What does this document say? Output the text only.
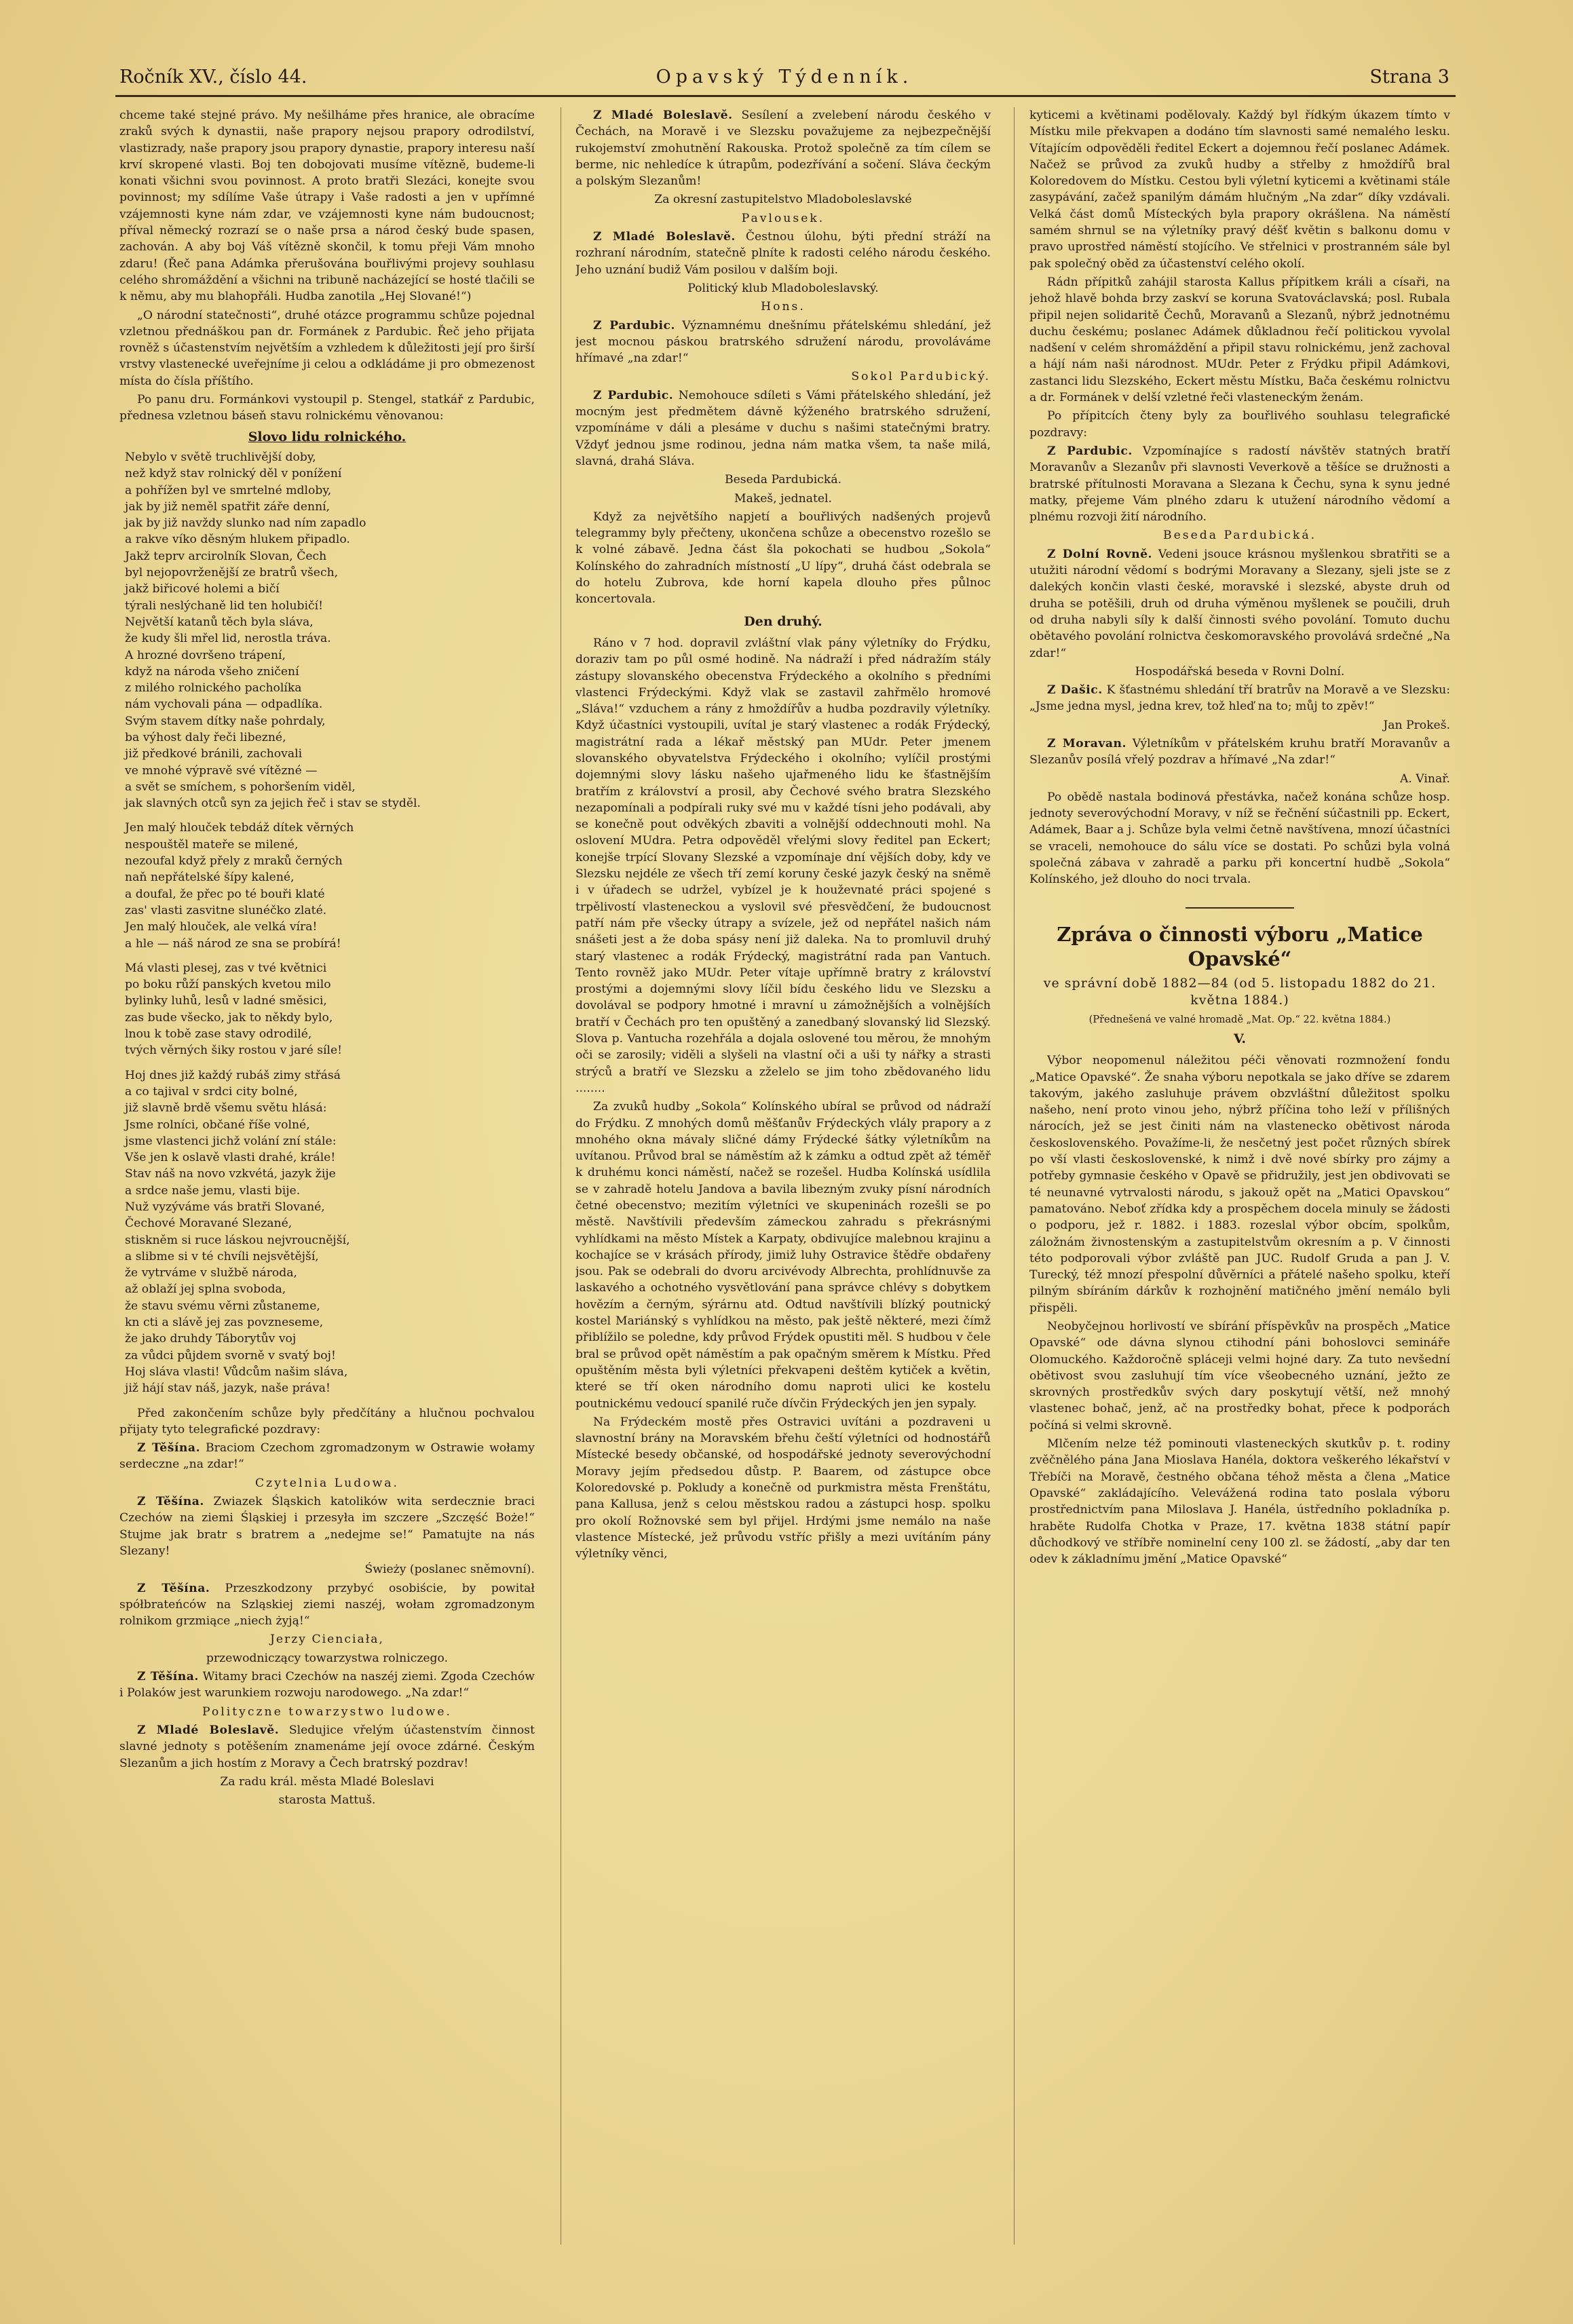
Ročník XV., číslo 44.	Opavský Týdenník.	Strana 3

chceme také stejné právo. My nešilháme přes hranice, ale obracíme zraků svých k dynastii, naše prapory nejsou prapory odrodilství, vlastizrady, naše prapory jsou prapory dynastie, prapory interesu naší krví skropené vlasti. Boj ten dobojovati musíme vítězně, budeme-li konati všichni svou povinnost. A proto bratři Slezáci, konejte svou povinnost; my sdílíme Vaše útrapy i Vaše radosti a jen v upřímné vzájemnosti kyne nám zdar, ve vzájemnosti kyne nám budoucnost; příval německý rozrazí se o naše prsa a národ český bude spasen, zachován. A aby boj Váš vítězně skončil, k tomu přeji Vám mnoho zdaru! (Řeč pana Adámka přerušována bouřlivými projevy souhlasu celého shromáždění a všichni na tribuně nacházející se hosté tlačili se k němu, aby mu blahopřáli. Hudba zanotila „Hej Slované!“)

„O národní statečnosti“, druhé otázce programmu schůze pojednal vzletnou přednáškou pan dr. Formánek z Pardubic. Řeč jeho přijata rovněž s účastenstvím největším a vzhledem k důležitosti její pro širší vrstvy vlastenecké uveřejníme ji celou a odkládáme ji pro obmezenost místa do čísla příštího.

Po panu dru. Formánkovi vystoupil p. Stengel, statkář z Pardubic, přednesa vzletnou báseň stavu rolnickému věnovanou:

Slovo lidu rolnického.
Nebylo v světě truchlivější doby,
než když stav rolnický děl v ponížení
a pohřížen byl ve smrtelné mdloby,
jak by již neměl spatřit záře denní,
jak by již navždy slunko nad ním zapadlo
a rakve víko děsným hlukem připadlo.
Jakž teprv arcirolník Slovan, Čech
byl nejopovrženější ze bratrů všech,
jakž biřicové holemi a bičí
týrali neslýchaně lid ten holubičí!
Největší katanů těch byla sláva,
že kudy šli mřel lid, nerostla tráva.
A hrozné dovršeno trápení,
když na národa všeho zničení
z milého rolnického pacholíka
nám vychovali pána — odpadlíka.
Svým stavem dítky naše pohrdaly,
ba výhost daly řeči libezné,
již předkové bránili, zachovali
ve mnohé výpravě své vítězné —
a svět se smíchem, s pohoršením viděl,
jak slavných otců syn za jejich řeč i stav se styděl.
Jen malý hlouček tebdáž dítek věrných
nespouštěl mateře se milené,
nezoufal když přely z mraků černých
naň nepřátelské šípy kalené,
a doufal, že přec po té bouři klaté
zas' vlasti zasvitne slunéčko zlaté.
Jen malý hlouček, ale velká víra!
a hle — náš národ ze sna se probírá!
Má vlasti plesej, zas v tvé květnici
po boku růží panských kvetou milo
bylinky luhů, lesů v ladné směsici,
zas bude všecko, jak to někdy bylo,
lnou k tobě zase stavy odrodilé,
tvých věrných šiky rostou v jaré síle!
Hoj dnes již každý rubáš zimy střásá
a co tajival v srdci city bolné,
již slavně brdě všemu světu hlásá:
Jsme rolníci, občané říše volné,
jsme vlastenci jichž volání zní stále:
Vše jen k oslavě vlasti drahé, krále!
Stav náš na novo vzkvétá, jazyk žije
a srdce naše jemu, vlasti bije.
Nuž vyzýváme vás bratři Slované,
Čechové Moravané Slezané,
stiskněm si ruce láskou nejvroucnější,
a slibme si v té chvíli nejsvětější,
že vytrváme v službě národa,
až oblaží jej splna svoboda,
že stavu svému věrni zůstaneme,
kn cti a slávě jej zas povzneseme,
že jako druhdy Táborytův voj
za vůdci půjdem svorně v svatý boj!
Hoj sláva vlasti! Vůdcům našim sláva,
již hájí stav náš, jazyk, naše práva!

Před zakončením schůze byly předčítány a hlučnou pochvalou přijaty tyto telegrafické pozdravy:

Z Těšína. Braciom Czechom zgromadzonym w Ostrawie wołamy serdeczne „na zdar!“

Czytelnia Ludowa.

Z Těšína. Zwiazek Śląskich katolików wita serdecznie braci Czechów na ziemi Śląskiej i przesyła im szczere „Szczęść Boże!“ Stujme jak bratr s bratrem a „nedejme se!“ Pamatujte na nás Slezany!

Świeży (poslanec sněmovní).

Z Těšína. Przeszkodzony przybyć osobiście, by powitał spółbrateńców na Szląskiej ziemi naszéj, wołam zgromadzonym rolnikom grzmiące „niech żyją!“

Jerzy Cienciała,
przewodniczący towarzystwa rolniczego.

Z Těšína. Witamy braci Czechów na naszéj ziemi. Zgoda Czechów i Polaków jest warunkiem rozwoju narodowego. „Na zdar!“

Polityczne towarzystwo ludowe.

Z Mladé Boleslavě. Sledujice vřelým účastenstvím činnost slavné jednoty s potěšením znamenáme její ovoce zdárné. Českým Slezanům a jich hostím z Moravy a Čech bratrský pozdrav!

Za radu král. města Mladé Boleslavi
starosta Mattuš.

Z Mladé Boleslavě. Sesílení a zvelebení národu českého v Čechách, na Moravě i ve Slezsku považujeme za nejbezpečnější rukojemství zmohutnění Rakouska. Protož společně za tím cílem se berme, nic nehledíce k útrapům, podezřívání a sočení. Sláva čeckým a polským Slezanům!

Za okresní zastupitelstvo Mladoboleslavské
Pavlousek.

Z Mladé Boleslavě. Čestnou úlohu, býti přední stráží na rozhraní národním, statečně plníte k radosti celého národu českého. Jeho uznání budiž Vám posilou v dalším boji.

Politický klub Mladoboleslavský.
Hons.

Z Pardubic. Významnému dnešnímu přátelskému shledání, jež jest mocnou páskou bratrského sdružení národu, provoláváme hřímavé „na zdar!“

Sokol Pardubický.

Z Pardubic. Nemohouce sdíleti s Vámi přátelského shledání, jež mocným jest předmětem dávně kýženého bratrského sdružení, vzpomínáme v dáli a plesáme v duchu s našimi statečnými bratry. Vždyť jednou jsme rodinou, jedna nám matka všem, ta naše milá, slavná, drahá Sláva.

Beseda Pardubická.
Makeš, jednatel.

Když za největšího napjetí a bouřlivých nadšených projevů telegrammy byly přečteny, ukončena schůze a obecenstvo rozešlo se k volné zábavě. Jedna část šla pokochati se hudbou „Sokola“ Kolínského do zahradních místností „U lípy“, druhá část odebrala se do hotelu Zubrova, kde horní kapela dlouho přes půlnoc koncertovala.

Den druhý.

Ráno v 7 hod. dopravil zvláštní vlak pány výletníky do Frýdku, doraziv tam po půl osmé hodině. Na nádraží i před nádražím stály zástupy slovanského obecenstva Frýdeckého a okolního s předními vlastenci Frýdeckými. Když vlak se zastavil zahřmělo hromové „Sláva!“ vzduchem a rány z hmoždířův a hudba pozdravily výletníky. Když účastníci vystoupili, uvítal je starý vlastenec a rodák Frýdecký, magistrátní rada a lékař městský pan MUdr. Peter jmenem slovanského obyvatelstva Frýdeckého i okolního; vylíčil prostými dojemnými slovy lásku našeho ujařmeného lidu ke šťastnějším bratřím z království a prosil, aby Čechové svého bratra Slezského nezapomínali a podpírali ruky své mu v každé tísni jeho podávali, aby se konečně pout odvěkých zbaviti a volnější oddechnouti mohl. Na oslovení MUdra. Petra odpověděl vřelými slovy ředitel pan Eckert; konejše trpící Slovany Slezské a vzpomínaje dní vějších doby, kdy ve Slezsku nejdéle ze všech tří zemí koruny české jazyk český na sněmě i v úřadech se udržel, vybízel je k houževnaté práci spojené s trpělivostí vlasteneckou a vyslovil své přesvědčení, že budoucnost patří nám pře všecky útrapy a svízele, jež od nepřátel našich nám snášeti jest a že doba spásy není již daleka. Na to promluvil druhý starý vlastenec a rodák Frýdecký, magistrátní rada pan Vantuch. Tento rovněž jako MUdr. Peter vítaje upřímně bratry z království prostými a dojemnými slovy líčil bídu českého lidu ve Slezsku a dovolával se podpory hmotné i mravní u zámožnějších a volnějších bratří v Čechách pro ten opuštěný a zanedbaný slovanský lid Slezský. Slova p. Vantucha rozehřála a dojala oslovené tou měrou, že mnohým oči se zarosily; viděli a slyšeli na vlastní oči a uši ty nářky a strasti strýců a bratří ve Slezsku a zželelo se jim toho zbědovaného lidu ........

Za zvuků hudby „Sokola“ Kolínského ubíral se průvod od nádraží do Frýdku. Z mnohých domů měšťanův Frýdeckých vlály prapory a z mnohého okna mávaly sličné dámy Frýdecké šátky výletníkům na uvítanou. Průvod bral se náměstím až k zámku a odtud zpět až téměř k druhému konci náměstí, načež se rozešel. Hudba Kolínská usídlila se v zahradě hotelu Jandova a bavila libezným zvuky písní národních četné obecenstvo; mezitím výletníci ve skupeninách rozešli se po městě. Navštívili především zámeckou zahradu s překrásnými vyhlídkami na město Místek a Karpaty, obdivujíce malebnou krajinu a kochajíce se v krásách přírody, jimiž luhy Ostravice štědře obdařeny jsou. Pak se odebrali do dvoru arcivévody Albrechta, prohlídnuvše za laskavého a ochotného vysvětlování pana správce chlévy s dobytkem hovězím a černým, sýrárnu atd. Odtud navštívili blízký poutnický kostel Mariánský s vyhlídkou na město, pak ještě některé, mezi čímž přiblížilo se poledne, kdy průvod Frýdek opustiti měl. S hudbou v čele bral se průvod opět náměstím a pak opačným směrem k Místku. Před opuštěním města byli výletníci překvapeni deštěm kytiček a květin, které se tří oken národního domu naproti ulici ke kostelu poutnickému vedoucí spanilé ruče dívčin Frýdeckých jen jen sypaly.

Na Frýdeckém mostě přes Ostravici uvítáni a pozdraveni u slavnostní brány na Moravském břehu čeští výletníci od hodnostářů Místecké besedy občanské, od hospodářské jednoty severovýchodní Moravy jejím předsedou důstp. P. Baarem, od zástupce obce Koloredovské p. Pokludy a konečně od purkmistra města Frenštátu, pana Kallusa, jenž s celou městskou radou a zástupci hosp. spolku pro okolí Rožnovské sem byl přijel. Hrdými jsme nemálo na naše vlastence Místecké, jež průvodu vstříc přišly a mezi uvítáním pány výletníky věnci,

kyticemi a květinami podělovaly. Každý byl řídkým úkazem tímto v Místku mile překvapen a dodáno tím slavnosti samé nemalého lesku. Vítajícím odpověděli ředitel Eckert a dojemnou řečí poslanec Adámek. Načež se průvod za zvuků hudby a střelby z hmoždířů bral Koloredovem do Místku. Cestou byli výletní kyticemi a květinami stále zasypávání, začež spanilým dámám hlučným „Na zdar“ díky vzdávali. Velká část domů Místeckých byla prapory okrášlena. Na náměstí samém shrnul se na výletníky pravý déšť květin s balkonu domu v pravo uprostřed náměstí stojícího. Ve střelnici v prostranném sále byl pak společný oběd za účastenství celého okolí.

Rádn přípitků zahájil starosta Kallus přípitkem králi a císaři, na jehož hlavě bohda brzy zaskví se koruna Svatováclavská; posl. Rubala připil nejen solidaritě Čechů, Moravanů a Slezanů, nýbrž jednotnému duchu českému; poslanec Adámek důkladnou řečí politickou vyvolal nadšení v celém shromáždění a připil stavu rolnickému, jenž zachoval a hájí nám naši národnost. MUdr. Peter z Frýdku připil Adámkovi, zastanci lidu Slezského, Eckert městu Místku, Bača českému rolnictvu a dr. Formánek v delší vzletné řeči vlasteneckým ženám.

Po přípitcích čteny byly za bouřlivého souhlasu telegrafické pozdravy:

Z Pardubic. Vzpomínajíce s radostí návštěv statných bratří Moravanův a Slezanův při slavnosti Veverkově a těšíce se družnosti a bratrské přítulnosti Moravana a Slezana k Čechu, syna k synu jedné matky, přejeme Vám plného zdaru k utužení národního vědomí a plnému rozvoji žití národního.

Beseda Pardubická.

Z Dolní Rovně. Vedeni jsouce krásnou myšlenkou sbratřiti se a utužiti národní vědomí s bodrými Moravany a Slezany, sjeli jste se z dalekých končin vlasti české, moravské i slezské, abyste druh od druha se potěšili, druh od druha výměnou myšlenek se poučili, druh od druha nabyli síly k další činnosti svého povolání. Tomuto duchu obětavého povolání rolnictva českomoravského provolává srdečné „Na zdar!“

Hospodářská beseda v Rovni Dolní.

Z Dašic. K šťastnému shledání tří bratrův na Moravě a ve Slezsku: „Jsme jedna mysl, jedna krev, tož hleď na to; můj to zpěv!“

Jan Prokeš.

Z Moravan. Výletníkům v přátelském kruhu bratří Moravanův a Slezanův posílá vřelý pozdrav a hřímavé „Na zdar!“

A. Vinař.

Po obědě nastala bodinová přestávka, načež konána schůze hosp. jednoty severovýchodní Moravy, v níž se řečnění súčastnili pp. Eckert, Adámek, Baar a j. Schůze byla velmi četně navštívena, mnozí účastníci se vraceli, nemohouce do sálu více se dostati. Po schůzi byla volná společná zábava v zahradě a parku při koncertní hudbě „Sokola“ Kolínského, jež dlouho do noci trvala.

Zpráva o činnosti výboru „Matice Opavské“
ve správní době 1882—84 (od 5. listopadu 1882 do 21. května 1884.)
(Přednešená ve valné hromadě „Mat. Op.“ 22. května 1884.)
V.

Výbor neopomenul náležitou péči věnovati rozmnožení fondu „Matice Opavské“. Že snaha výboru nepotkala se jako dříve se zdarem takovým, jakého zasluhuje právem obzvláštní důležitost spolku našeho, není proto vinou jeho, nýbrž příčina toho leží v přílišných nárocích, jež se jest činiti nám na vlastenecko obětivost národa československého. Považíme-li, že nesčetný jest počet různých sbírek po vší vlasti československé, k nimž i dvě nové sbírky pro zájmy a potřeby gymnasie českého v Opavě se přidružily, jest jen obdivovati se té neunavné vytrvalosti národu, s jakouž opět na „Matici Opavskou“ pamatováno. Neboť zřídka kdy a prospěchem docela minuly se žádosti o podporu, jež r. 1882. i 1883. rozeslal výbor obcím, spolkům, záložnám živnostenským a zastupitelstvům okresním a p. V činnosti této podporovali výbor zvláště pan JUC. Rudolf Gruda a pan J. V. Turecký, též mnozí přespolní důvěrníci a přátelé našeho spolku, kteří pilným sbíráním dárkův k rozhojnění matičného jmění nemálo byli přispěli.

Neobyčejnou horlivostí ve sbírání příspěvkův na prospěch „Matice Opavské“ ode dávna slynou ctihodní páni bohoslovci semináře Olomuckého. Každoročně spláceji velmi hojné dary. Za tuto nevšední obětivost svou zasluhují tím více všeobecného uznání, ježto ze skrovných prostředkův svých dary poskytují větší, než mnohý vlastenec bohač, jenž, ač na prostředky bohat, přece k podporách počíná si velmi skrovně.

Mlčením nelze též pominouti vlasteneckých skutkův p. t. rodiny zvěčnělého pána Jana Mioslava Hanéla, doktora veškerého lékařství v Třebíči na Moravě, čestného občana téhož města a člena „Matice Opavské“ zakládajícího. Velevážená rodina tato poslala výboru prostřednictvím pana Miloslava J. Hanéla, ústředního pokladníka p. hraběte Rudolfa Chotka v Praze, 17. května 1838 státní papír důchodkový ve stříbře nominelní ceny 100 zl. se žádostí, „aby dar ten odev k základnímu jmění „Matice Opavské“
